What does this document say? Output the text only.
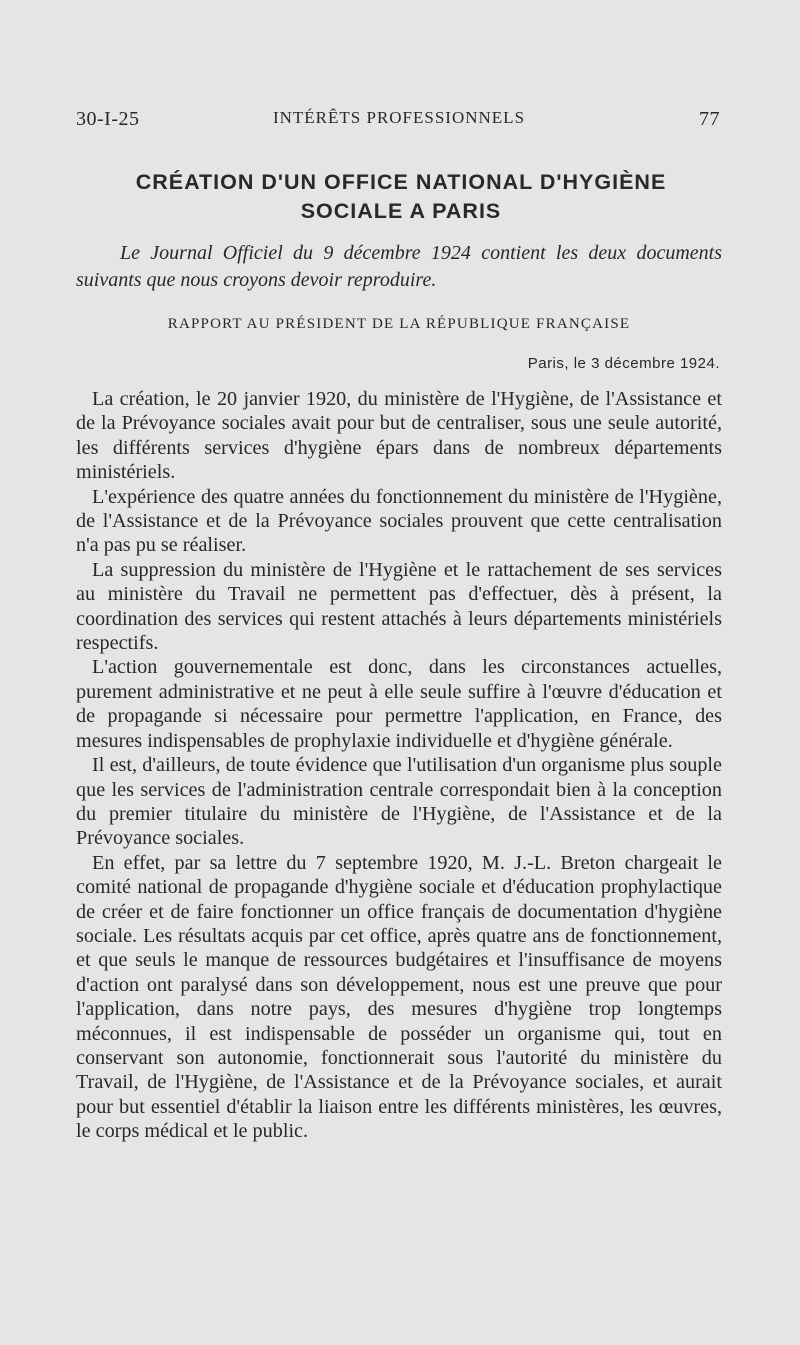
30-I-25	INTÉRÊTS PROFESSIONNELS	77
CRÉATION D'UN OFFICE NATIONAL D'HYGIÈNE
SOCIALE A PARIS

Le Journal Officiel du 9 décembre 1924 contient les deux documents suivants que nous croyons devoir reproduire.

RAPPORT AU PRÉSIDENT DE LA RÉPUBLIQUE FRANÇAISE
Paris, le 3 décembre 1924.

La création, le 20 janvier 1920, du ministère de l'Hygiène, de l'Assistance et de la Prévoyance sociales avait pour but de centraliser, sous une seule autorité, les différents services d'hygiène épars dans de nombreux départements ministériels.

L'expérience des quatre années du fonctionnement du ministère de l'Hygiène, de l'Assistance et de la Prévoyance sociales prouvent que cette centralisation n'a pas pu se réaliser.

La suppression du ministère de l'Hygiène et le rattachement de ses services au ministère du Travail ne permettent pas d'effectuer, dès à présent, la coordination des services qui restent attachés à leurs départements ministériels respectifs.

L'action gouvernementale est donc, dans les circonstances actuelles, purement administrative et ne peut à elle seule suffire à l'œuvre d'éducation et de propagande si nécessaire pour permettre l'application, en France, des mesures indispensables de prophylaxie individuelle et d'hygiène générale.

Il est, d'ailleurs, de toute évidence que l'utilisation d'un organisme plus souple que les services de l'administration centrale correspondait bien à la conception du premier titulaire du ministère de l'Hygiène, de l'Assistance et de la Prévoyance sociales.

En effet, par sa lettre du 7 septembre 1920, M. J.-L. Breton chargeait le comité national de propagande d'hygiène sociale et d'éducation prophylactique de créer et de faire fonctionner un office français de documentation d'hygiène sociale. Les résultats acquis par cet office, après quatre ans de fonctionnement, et que seuls le manque de ressources budgétaires et l'insuffisance de moyens d'action ont paralysé dans son développement, nous est une preuve que pour l'application, dans notre pays, des mesures d'hygiène trop longtemps méconnues, il est indispensable de posséder un organisme qui, tout en conservant son autonomie, fonctionnerait sous l'autorité du ministère du Travail, de l'Hygiène, de l'Assistance et de la Prévoyance sociales, et aurait pour but essentiel d'établir la liaison entre les différents ministères, les œuvres, le corps médical et le public.
